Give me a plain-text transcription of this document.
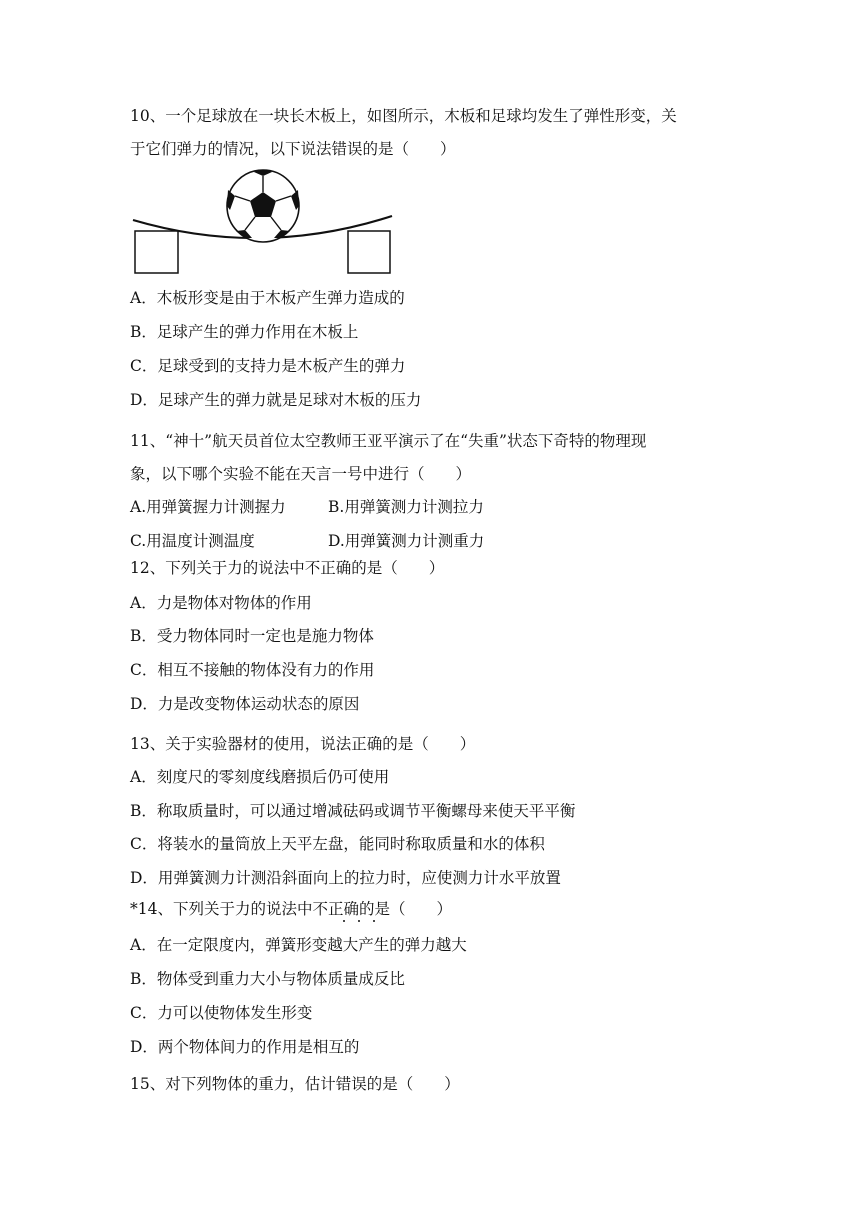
10、一个足球放在一块长木板上，如图所示，木板和足球均发生了弹性形变，关
于它们弹力的情况，以下说法错误的是（　　）
A．木板形变是由于木板产生弹力造成的
B．足球产生的弹力作用在木板上
C．足球受到的支持力是木板产生的弹力
D．足球产生的弹力就是足球对木板的压力
11、“神十”航天员首位太空教师王亚平演示了在“失重”状态下奇特的物理现
象，以下哪个实验不能在天言一号中进行（　　）
A.用弹簧握力计测握力	B.用弹簧测力计测拉力
C.用温度计测温度	D.用弹簧测力计测重力
12、下列关于力的说法中不正确的是（　　）
A．力是物体对物体的作用
B．受力物体同时一定也是施力物体
C．相互不接触的物体没有力的作用
D．力是改变物体运动状态的原因
13、关于实验器材的使用，说法正确的是（　　）
A．刻度尺的零刻度线磨损后仍可使用
B．称取质量时，可以通过增减砝码或调节平衡螺母来使天平平衡
C．将装水的量筒放上天平左盘，能同时称取质量和水的体积
D．用弹簧测力计测沿斜面向上的拉力时，应使测力计水平放置
*14、下列关于力的说法中不正确的是（　　）
A．在一定限度内，弹簧形变越大产生的弹力越大
B．物体受到重力大小与物体质量成反比
C．力可以使物体发生形变
D．两个物体间力的作用是相互的
15、对下列物体的重力，估计错误的是（　　）
